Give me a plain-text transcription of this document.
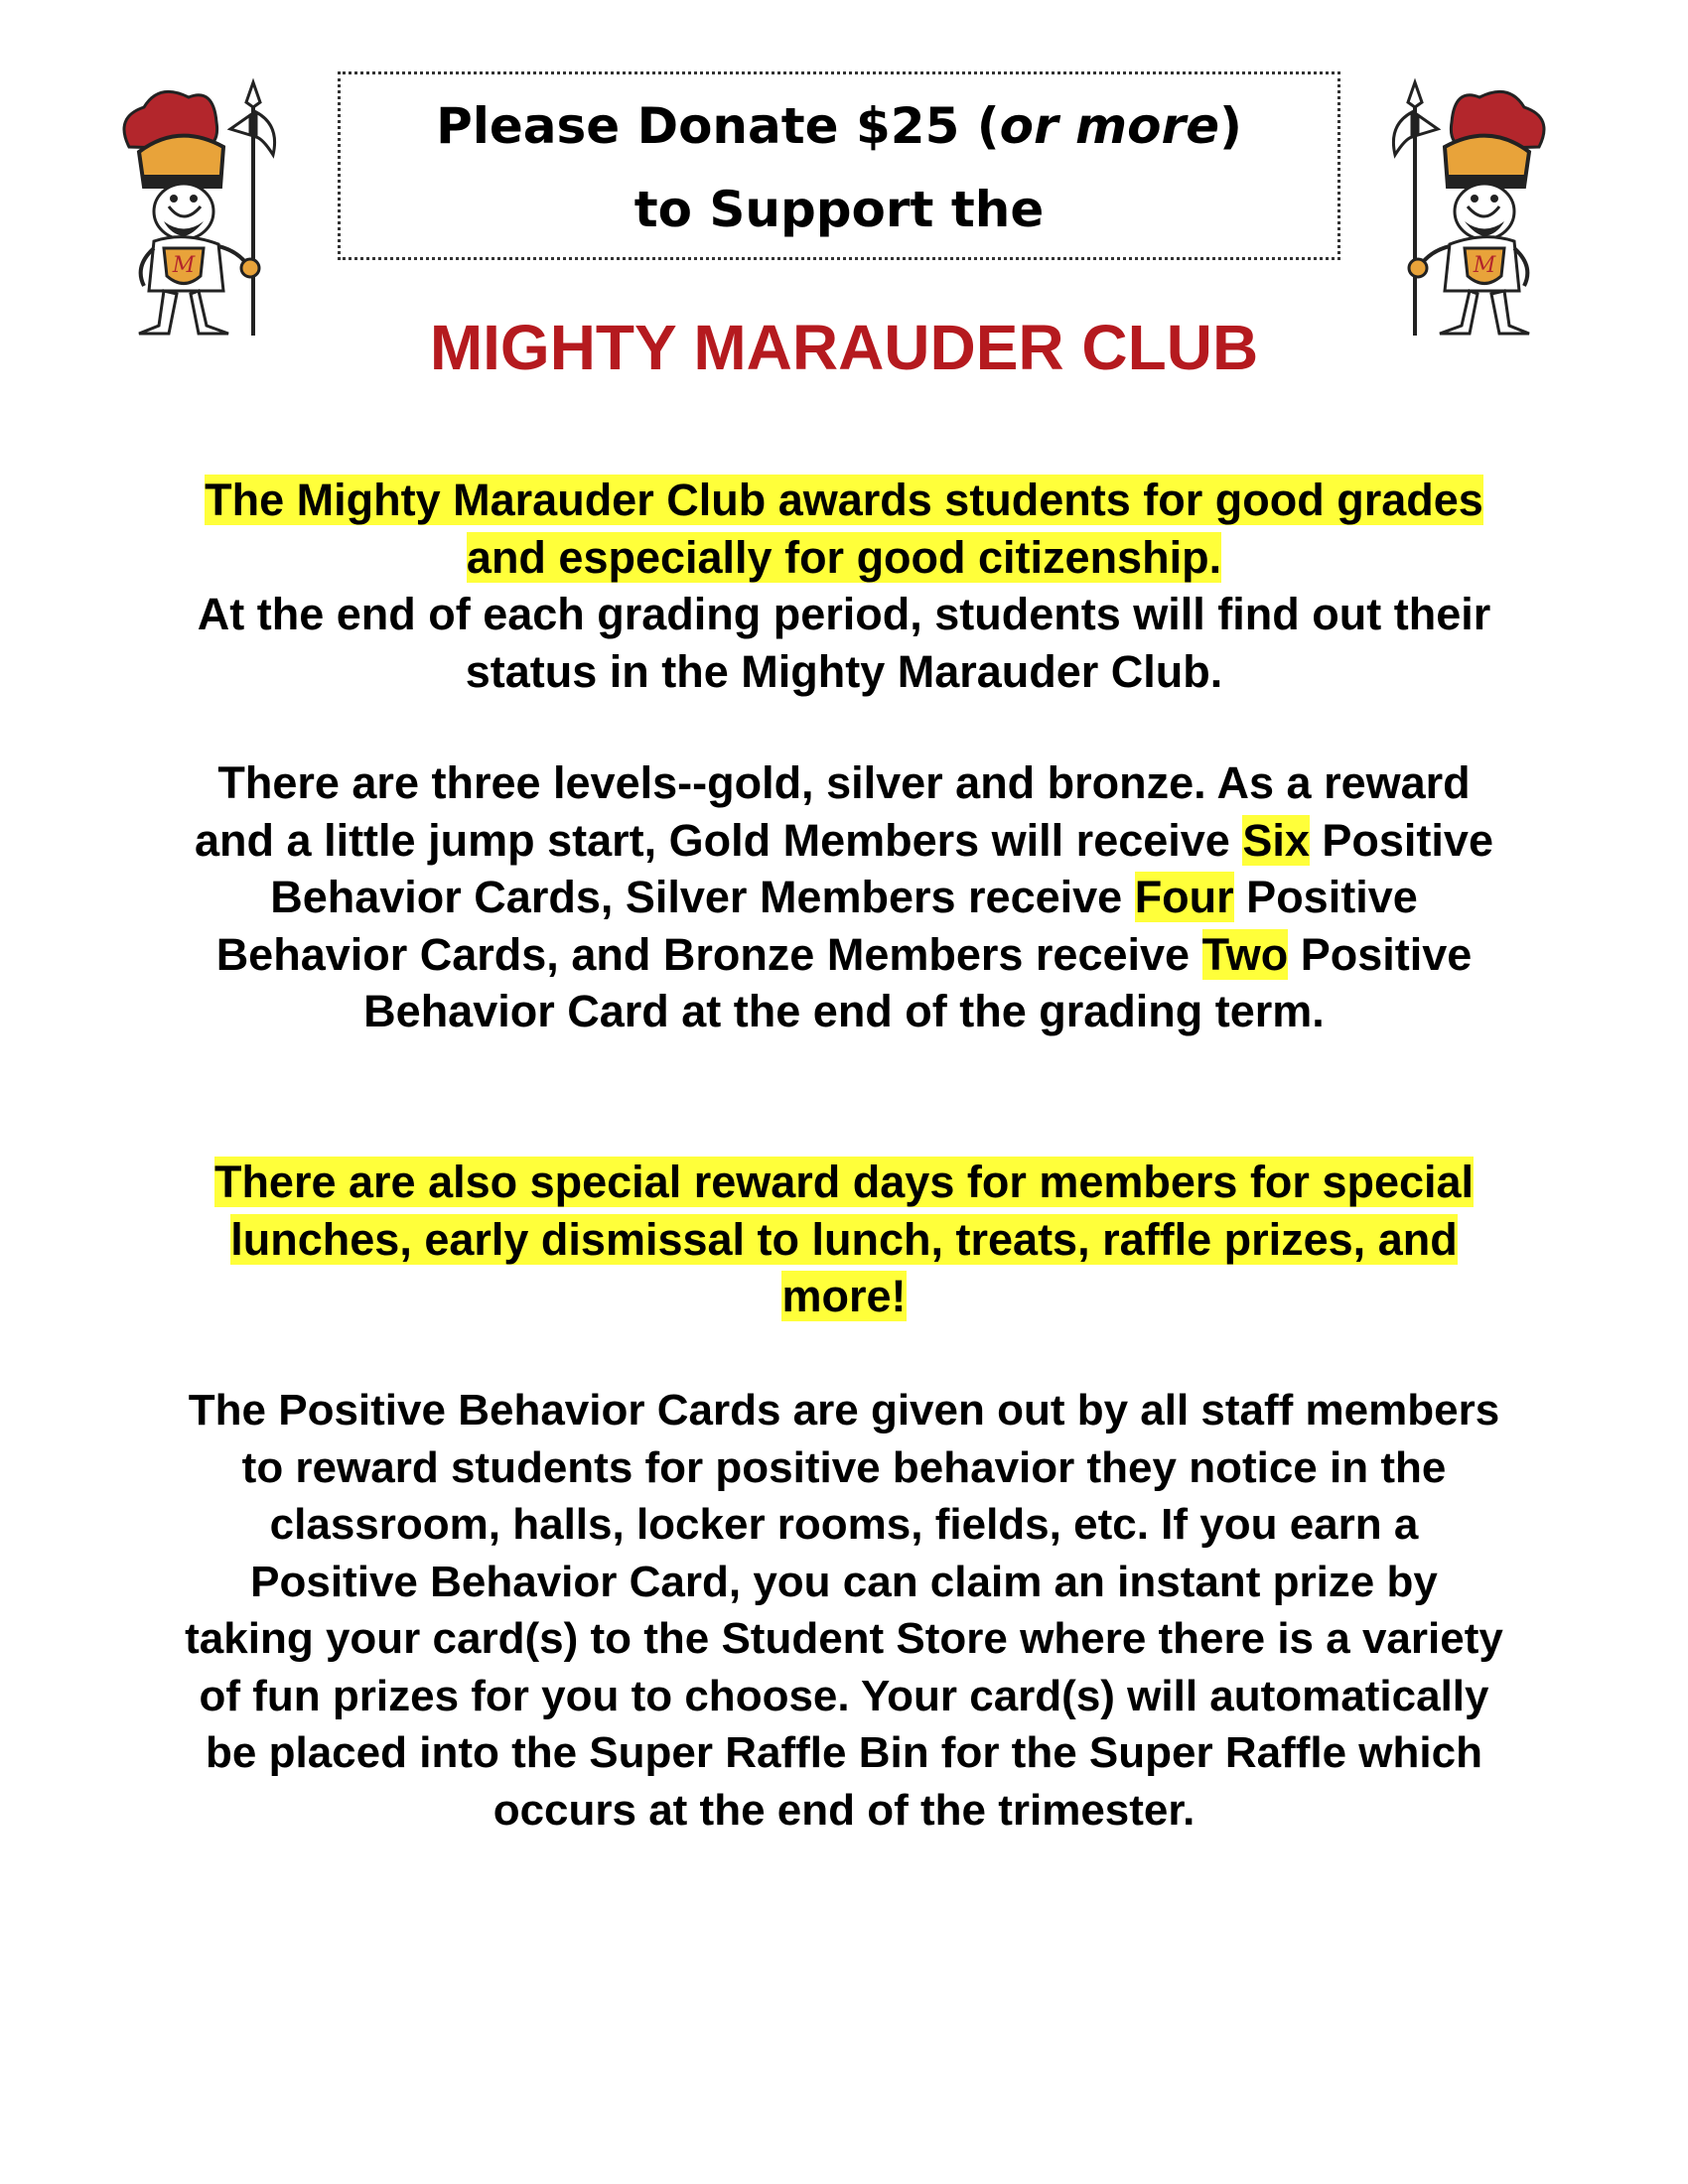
M	M
Please Donate $25 (or more)
to Support the
MIGHTY MARAUDER CLUB
The Mighty Marauder Club awards students for good grades and especially for good citizenship.
At the end of each grading period, students will find out their status in the Mighty Marauder Club.
There are three levels--gold, silver and bronze. As a reward and a little jump start, Gold Members will receive Six Positive Behavior Cards, Silver Members receive Four Positive Behavior Cards, and Bronze Members receive Two Positive Behavior Card at the end of the grading term.
There are also special reward days for members for special lunches, early dismissal to lunch, treats, raffle prizes, and more!
The Positive Behavior Cards are given out by all staff members to reward students for positive behavior they notice in the classroom, halls, locker rooms, fields, etc. If you earn a Positive Behavior Card, you can claim an instant prize by taking your card(s) to the Student Store where there is a variety of fun prizes for you to choose. Your card(s) will automatically be placed into the Super Raffle Bin for the Super Raffle which occurs at the end of the trimester.
